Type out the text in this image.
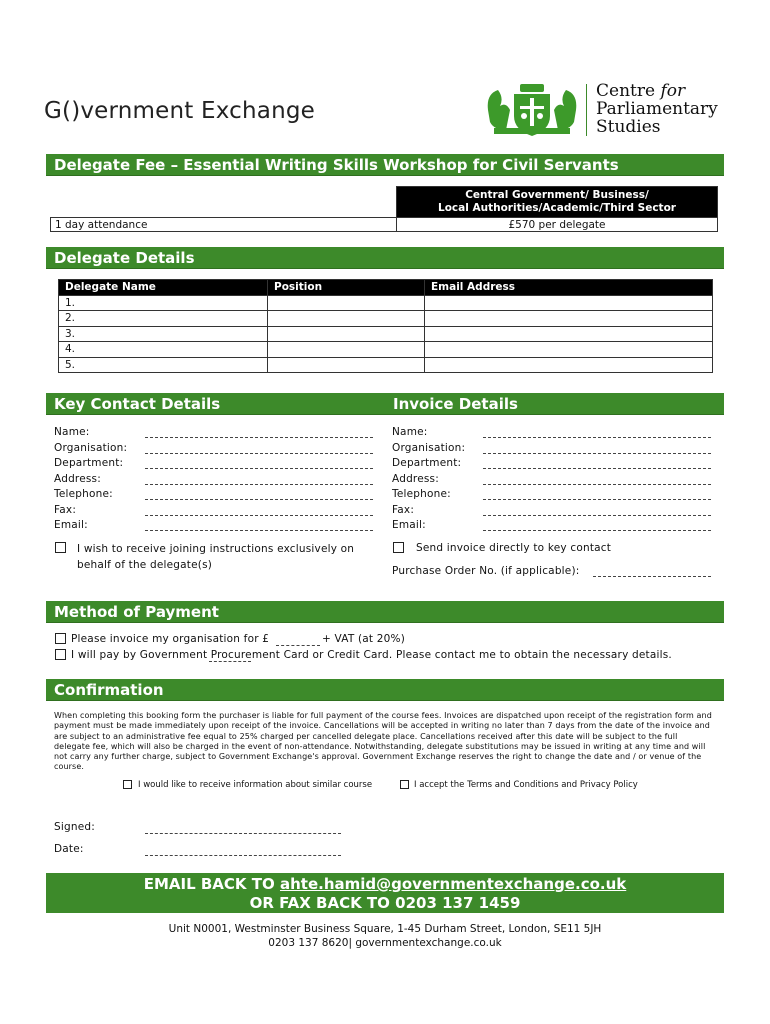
G()vernment Exchange
Centre for
Parliamentary
Studies
Delegate Fee – Essential Writing Skills Workshop for Civil Servants

	Central Government/ Business/
Local Authorities/Academic/Third Sector

1 day attendance	£570 per delegate
Delegate Details
Delegate Name	Position	Email Address
1.		
2.		
3.		
4.		
5.		
Key Contact Details	Invoice Details
Name:
Organisation:
Department:
Address:
Telephone:
Fax:
Email:
I wish to receive joining instructions exclusively on
behalf of the delegate(s)
Name:
Organisation:
Department:
Address:
Telephone:
Fax:
Email:
Send invoice directly to key contact
Purchase Order No. (if applicable):
Method of Payment
Please invoice my organisation for £	+ VAT (at 20%)
I will pay by Government Procurement Card or Credit Card. Please contact me to obtain the necessary details.
Confirmation
When completing this booking form the purchaser is liable for full payment of the course fees. Invoices are dispatched upon receipt of the registration form and payment must be made immediately upon receipt of the invoice. Cancellations will be accepted in writing no later than 7 days from the date of the invoice and are subject to an administrative fee equal to 25% charged per cancelled delegate place. Cancellations received after this date will be subject to the full delegate fee, which will also be charged in the event of non-attendance. Notwithstanding, delegate substitutions may be issued in writing at any time and will not carry any further charge, subject to Government Exchange's approval. Government Exchange reserves the right to change the date and / or venue of the course.
I would like to receive information about similar course	I accept the Terms and Conditions and Privacy Policy
Signed:
Date:
EMAIL BACK TO ahte.hamid@governmentexchange.co.uk
OR FAX BACK TO 0203 137 1459
Unit N0001, Westminster Business Square, 1-45 Durham Street, London, SE11 5JH
0203 137 8620| governmentexchange.co.uk
